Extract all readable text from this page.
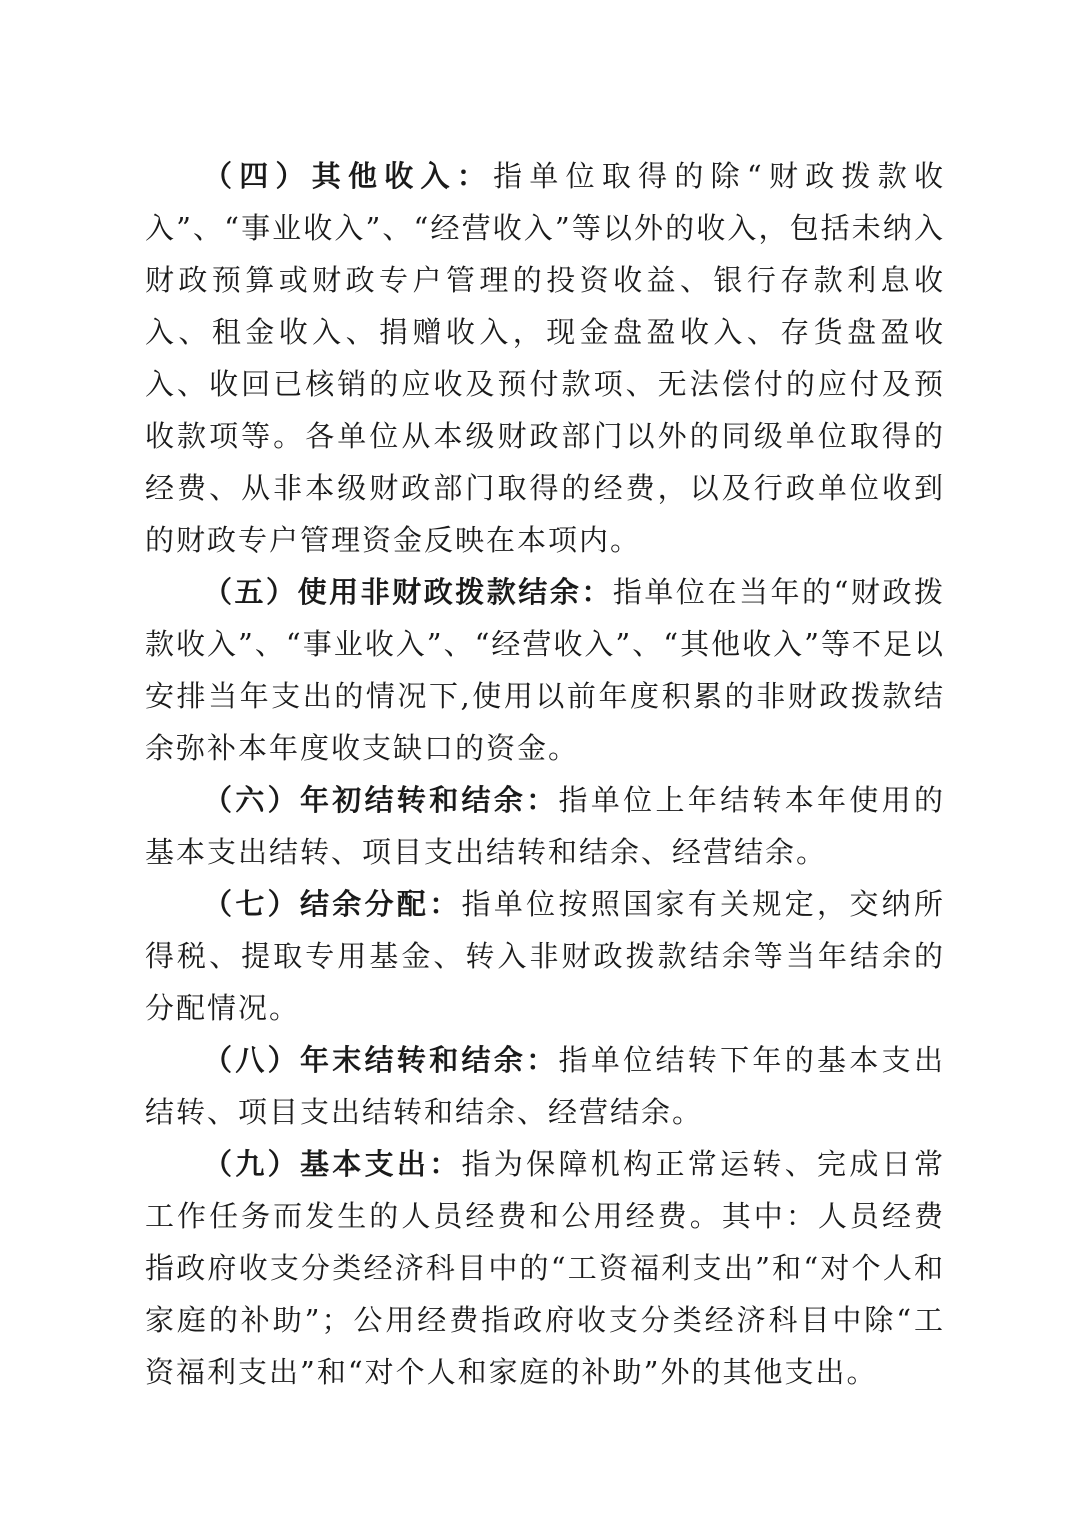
（四）其他收入：指单位取得的除“财政拨款收入”、“事业收入”、“经营收入”等以外的收入，包括未纳入财政预算或财政专户管理的投资收益、银行存款利息收入、租金收入、捐赠收入，现金盘盈收入、存货盘盈收入、收回已核销的应收及预付款项、无法偿付的应付及预收款项等。各单位从本级财政部门以外的同级单位取得的经费、从非本级财政部门取得的经费，以及行政单位收到的财政专户管理资金反映在本项内。

（五）使用非财政拨款结余：指单位在当年的“财政拨款收入”、“事业收入”、“经营收入”、“其他收入”等不足以安排当年支出的情况下,使用以前年度积累的非财政拨款结余弥补本年度收支缺口的资金。

（六）年初结转和结余：指单位上年结转本年使用的基本支出结转、项目支出结转和结余、经营结余。

（七）结余分配：指单位按照国家有关规定，交纳所得税、提取专用基金、转入非财政拨款结余等当年结余的分配情况。

（八）年末结转和结余：指单位结转下年的基本支出结转、项目支出结转和结余、经营结余。

（九）基本支出：指为保障机构正常运转、完成日常工作任务而发生的人员经费和公用经费。其中：人员经费指政府收支分类经济科目中的“工资福利支出”和“对个人和家庭的补助”；公用经费指政府收支分类经济科目中除“工资福利支出”和“对个人和家庭的补助”外的其他支出。
